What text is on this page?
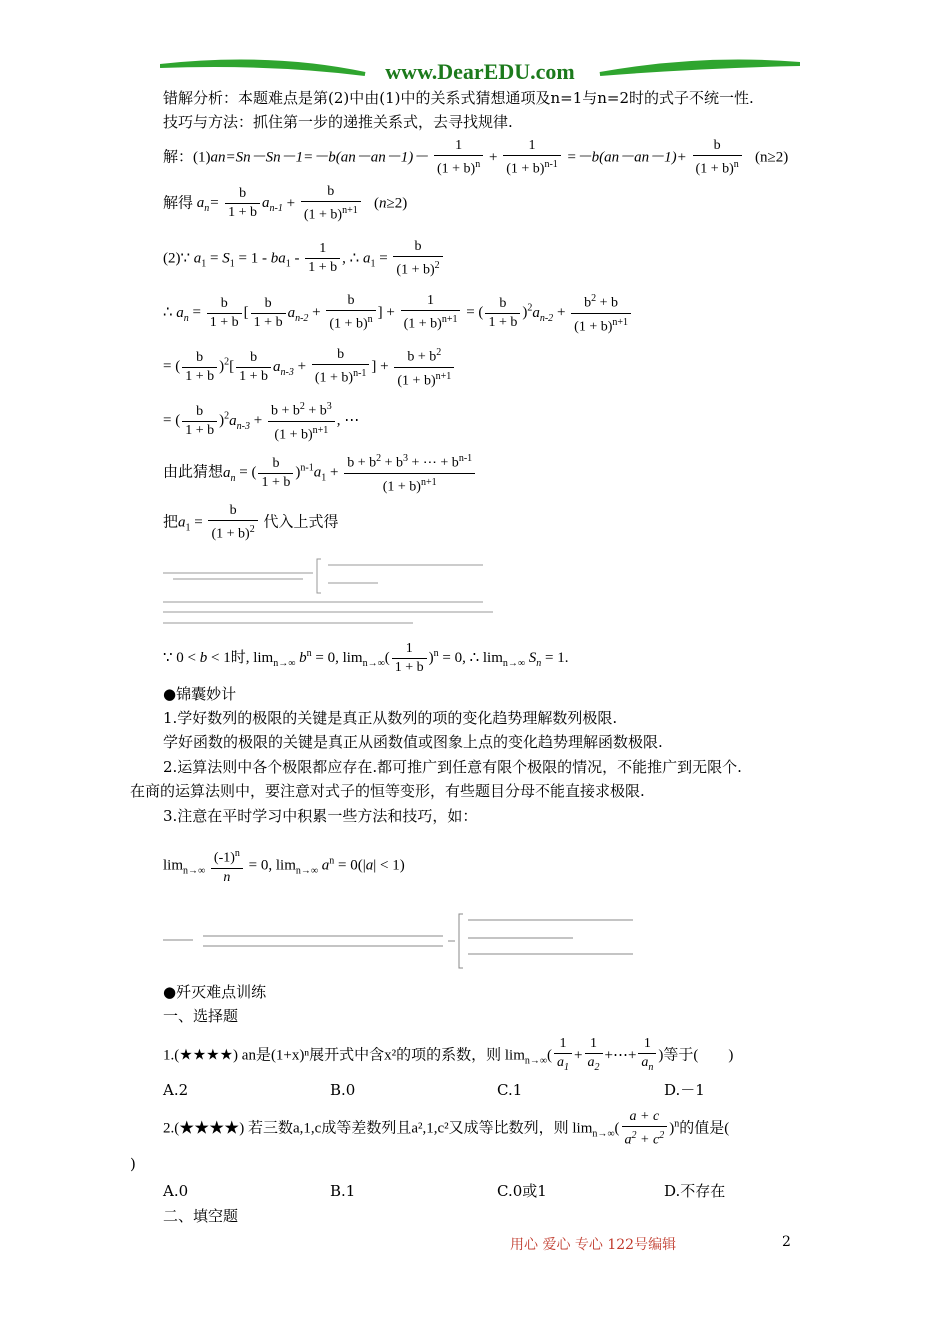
www.DearEDU.com
错解分析：本题难点是第(2)中由(1)中的关系式猜想通项及n=1与n=2时的式子不统一性.
技巧与方法：抓住第一步的递推关系式，去寻找规律.
解：$(1)an=Sn-Sn-1=-b(an-an-1)- \frac{1}{(1 + b)^n} + \frac{1}{(1 + b)^{n-1}} =-b(an-an-1)+ \frac{b}{(1 + b)^n} (n\ge 2)$
解得 $a_n= \frac{b}{1 + b} a_{n-1} + \frac{b}{(1 + b)^{n+1}} (n\ge 2)$
(2)∵ $a_1 = S_1 = 1 - ba_1 - \frac{1}{1 + b}$ , ∴ $a_1 = \frac{b}{(1 + b)^2}$
∴ $a_n = \frac{b}{1 + b}$ [ $\frac{b}{1 + b} a_{n-2} + \frac{b}{(1 + b)^n}$ ] + $\frac{1}{(1 + b)^{n+1}}$ = ( $\frac{b}{1 + b} )^2a_{n-2} + \frac{b^2 + b}{(1 + b)^{n+1}}$
= ( $\frac{b}{1 + b} )^2[ \frac{b}{1 + b} a_{n-3} + \frac{b}{(1 + b)^{n-1}}$ ] + $\frac{b + b^2}{(1 + b)^{n+1}}$
= ( $\frac{b}{1 + b} )^2a_{n-3} + \frac{b + b^2 + b^3}{(1 + b)^{n+1}}$ , ⋯
由此猜想$a_n$ = ( $\frac{b}{1 + b} )^{n-1}a_1 + \frac{b + b^2 + b^3 + \cdots + b^{n-1}}{(1 + b)^{n+1}}$
把$a_1 = \frac{b}{(1 + b)^2}$ 代入上式得
∵ 0 < b < 1时, $\lim_{n\to\infty} b^n = 0$, $\lim_{n\to\infty}( \frac{1}{1 + b} )^n = 0$, ∴ $\lim_{n\to\infty} S_n = 1$.
●锦囊妙计
1.学好数列的极限的关键是真正从数列的项的变化趋势理解数列极限.
学好函数的极限的关键是真正从函数值或图象上点的变化趋势理解函数极限.
2.运算法则中各个极限都应存在.都可推广到任意有限个极限的情况，不能推广到无限个.
在商的运算法则中，要注意对式子的恒等变形，有些题目分母不能直接求极限.
3.注意在平时学习中积累一些方法和技巧，如：
$\lim_{n\to\infty} \frac{(-1)^n}{n} = 0$, $\lim_{n\to\infty} a^n = 0(|a| < 1)$
●歼灭难点训练
一、选择题
1.(★★★★) an是(1+x)ⁿ展开式中含x²的项的系数，则 $\lim_{n\to\infty}( \frac{1}{a_1} + \frac{1}{a_2}$ +⋯+ $\frac{1}{a_n}$ )等于(　　)
A.2	B.0	C.1	D.－1
2.(★★★★) 若三数a,1,c成等差数列且a²,1,c²又成等比数列，则 $\lim_{n\to\infty}( \frac{a + c}{a^2 + c^2} )^n$的值是(
)
A.0	B.1	C.0或1	D.不存在
二、填空题
用心 爱心 专心 122号编辑	2
